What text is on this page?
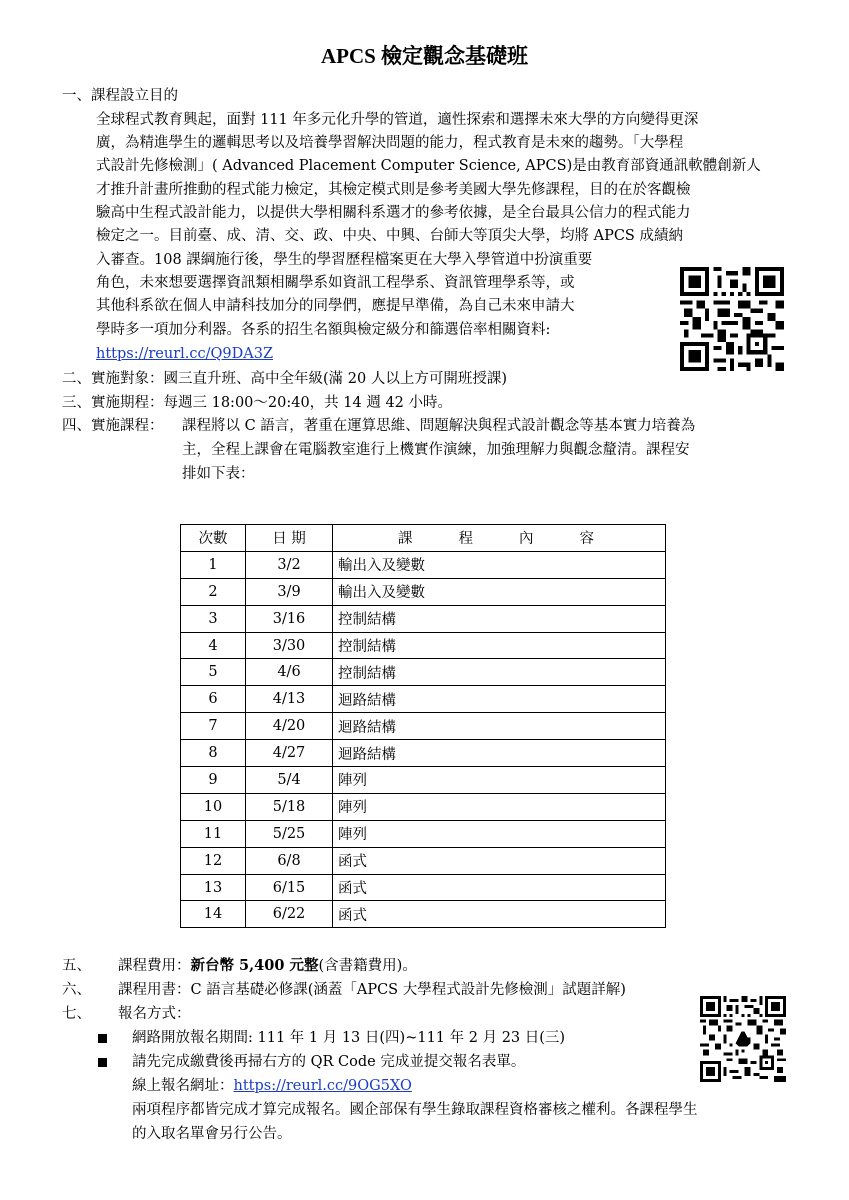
APCS 檢定觀念基礎班
一、課程設立目的
全球程式教育興起，面對 111 年多元化升學的管道，適性探索和選擇未來大學的方向變得更深
廣，為精進學生的邏輯思考以及培養學習解決問題的能力，程式教育是未來的趨勢。「大學程
式設計先修檢測」( Advanced Placement Computer Science, APCS)是由教育部資通訊軟體創新人
才推升計畫所推動的程式能力檢定，其檢定模式則是參考美國大學先修課程，目的在於客觀檢
驗高中生程式設計能力，以提供大學相關科系選才的參考依據，是全台最具公信力的程式能力
檢定之一。目前臺、成、清、交、政、中央、中興、台師大等頂尖大學，均將 APCS 成績納
入審查。108 課綱施行後，學生的學習歷程檔案更在大學入學管道中扮演重要
角色，未來想要選擇資訊類相關學系如資訊工程學系、資訊管理學系等，或
其他科系欲在個人申請科技加分的同學們，應提早準備，為自己未來申請大
學時多一項加分利器。各系的招生名額與檢定級分和篩選倍率相關資料:
https://reurl.cc/Q9DA3Z
二、實施對象：國三直升班、高中全年級(滿 20 人以上方可開班授課)
三、實施期程：每週三 18:00～20:40，共 14 週 42 小時。
四、實施課程： 課程將以 C 語言，著重在運算思維、問題解決與程式設計觀念等基本實力培養為
主，全程上課會在電腦教室進行上機實作演練，加強理解力與觀念釐清。課程安
排如下表：
次數	日 期	課程內容
1	3/2	輸出入及變數
2	3/9	輸出入及變數
3	3/16	控制結構
4	3/30	控制結構
5	4/6	控制結構
6	4/13	迴路結構
7	4/20	迴路結構
8	4/27	迴路結構
9	5/4	陣列
10	5/18	陣列
11	5/25	陣列
12	6/8	函式
13	6/15	函式
14	6/22	函式
五、 課程費用：新台幣 5,400 元整(含書籍費用)。
六、 課程用書：C 語言基礎必修課(涵蓋「APCS 大學程式設計先修檢測」試題詳解)
七、 報名方式：
網路開放報名期間: 111 年 1 月 13 日(四)~111 年 2 月 23 日(三)
請先完成繳費後再掃右方的 QR Code 完成並提交報名表單。
線上報名網址：https://reurl.cc/9OG5XO
兩項程序都皆完成才算完成報名。國企部保有學生錄取課程資格審核之權利。各課程學生
的入取名單會另行公告。
